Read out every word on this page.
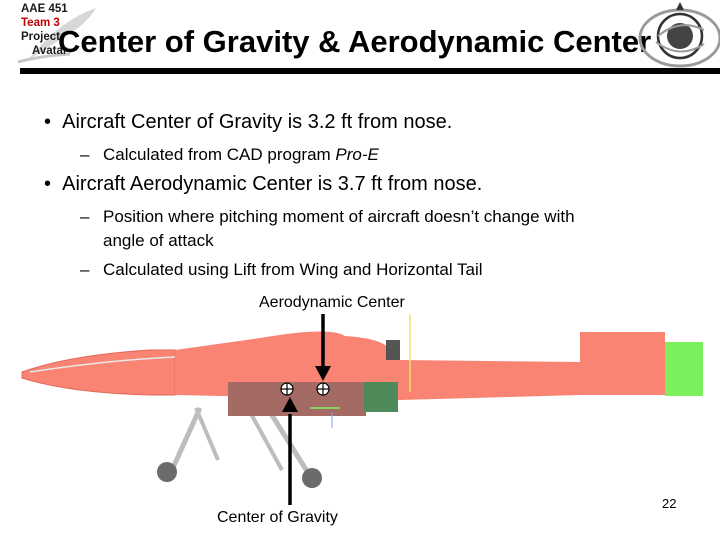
AAE 451
Team 3
Project
Avatar
Center of Gravity & Aerodynamic Center
•  Aircraft Center of Gravity is 3.2 ft from nose.
– Calculated from CAD program Pro-E
•  Aircraft Aerodynamic Center is 3.7 ft from nose.
– Position where pitching moment of aircraft doesn’t change with
angle of attack
– Calculated using Lift from Wing and Horizontal Tail
Aerodynamic Center
Center of Gravity
22
